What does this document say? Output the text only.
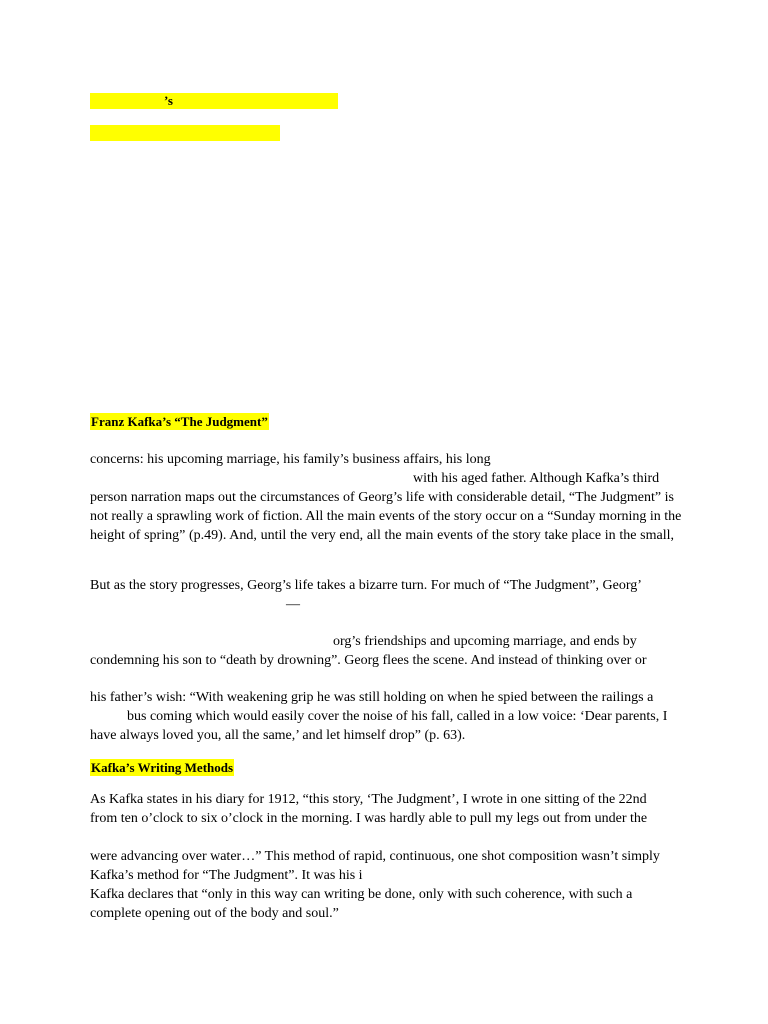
’s
Franz Kafka’s “The Judgment”
concerns: his upcoming marriage, his family’s business affairs, his long
with his aged father. Although Kafka’s third
person narration maps out the circumstances of Georg’s life with considerable detail, “The Judgment” is
not really a sprawling work of fiction. All the main events of the story occur on a “Sunday morning in the
height of spring” (p.49). And, until the very end, all the main events of the story take place in the small,
But as the story progresses, Georg’s life takes a bizarre turn. For much of “The Judgment”, Georg’
—
org’s friendships and upcoming marriage, and ends by
condemning his son to “death by drowning”. Georg flees the scene. And instead of thinking over or
his father’s wish: “With weakening grip he was still holding on when he spied between the railings a
bus coming which would easily cover the noise of his fall, called in a low voice: ‘Dear parents, I
have always loved you, all the same,’ and let himself drop” (p. 63).
Kafka’s Writing Methods
As Kafka states in his diary for 1912, “this story, ‘The Judgment’, I wrote in one sitting of the 22nd
from ten o’clock to six o’clock in the morning. I was hardly able to pull my legs out from under the
were advancing over water…” This method of rapid, continuous, one shot composition wasn’t simply
Kafka’s method for “The Judgment”. It was his i
Kafka declares that “only in this way can writing be done, only with such coherence, with such a
complete opening out of the body and soul.”
